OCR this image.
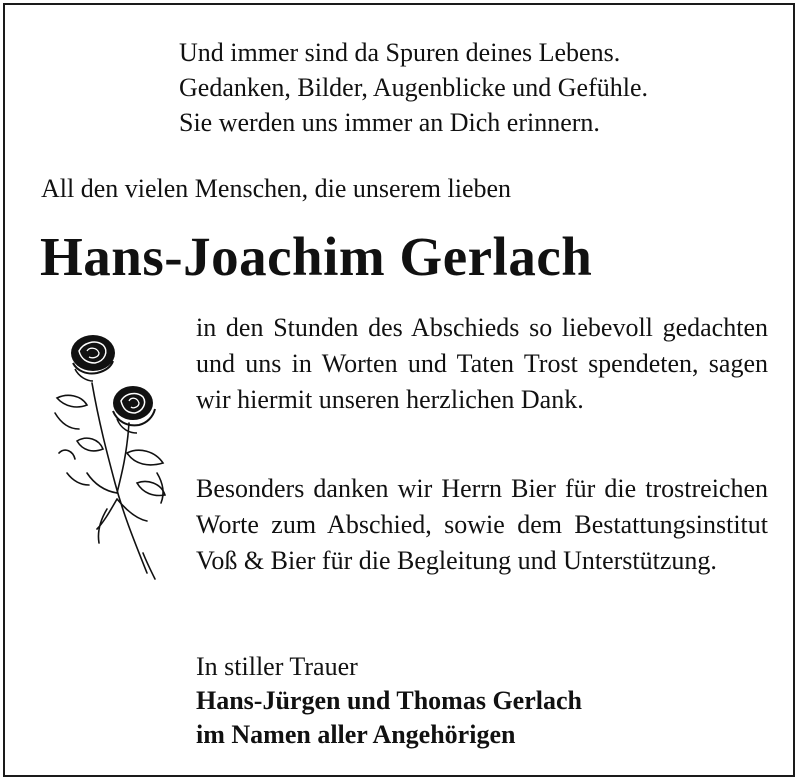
Und immer sind da Spuren deines Lebens.
Gedanken, Bilder, Augenblicke und Gefühle.
Sie werden uns immer an Dich erinnern.
All den vielen Menschen, die unserem lieben
Hans-Joachim Gerlach
in den Stunden des Abschieds so liebevoll gedachten und uns in Worten und Taten Trost spendeten, sagen wir hiermit unseren herzlichen Dank.
Besonders danken wir Herrn Bier für die trostreichen Worte zum Abschied, sowie dem Bestattungsinstitut Voß & Bier für die Begleitung und Unterstützung.
In stiller Trauer
Hans-Jürgen und Thomas Gerlach
im Namen aller Angehörigen
